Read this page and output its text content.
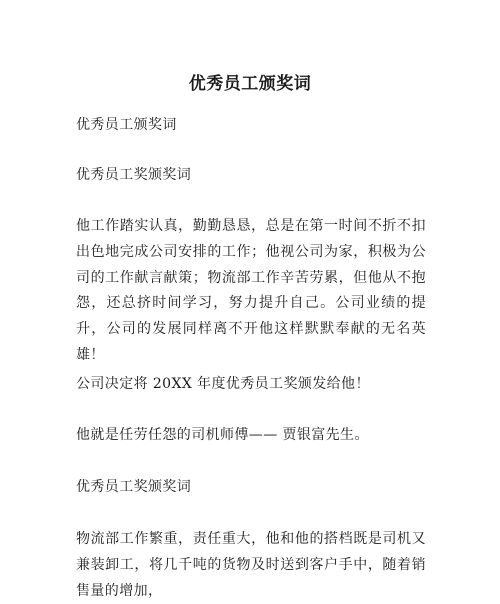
优秀员工颁奖词

优秀员工颁奖词

优秀员工奖颁奖词

他工作踏实认真，勤勤恳恳，总是在第一时间不折不扣出色地完成公司安排的工作；他视公司为家，积极为公司的工作献言献策；物流部工作辛苦劳累，但他从不抱怨，还总挤时间学习，努力提升自己。公司业绩的提升，公司的发展同样离不开他这样默默奉献的无名英雄！

公司决定将 20XX 年度优秀员工奖颁发给他！

他就是任劳任怨的司机师傅—— 贾银富先生。

优秀员工奖颁奖词

物流部工作繁重，责任重大，他和他的搭档既是司机又兼装卸工，将几千吨的货物及时送到客户手中，随着销售量的增加，
